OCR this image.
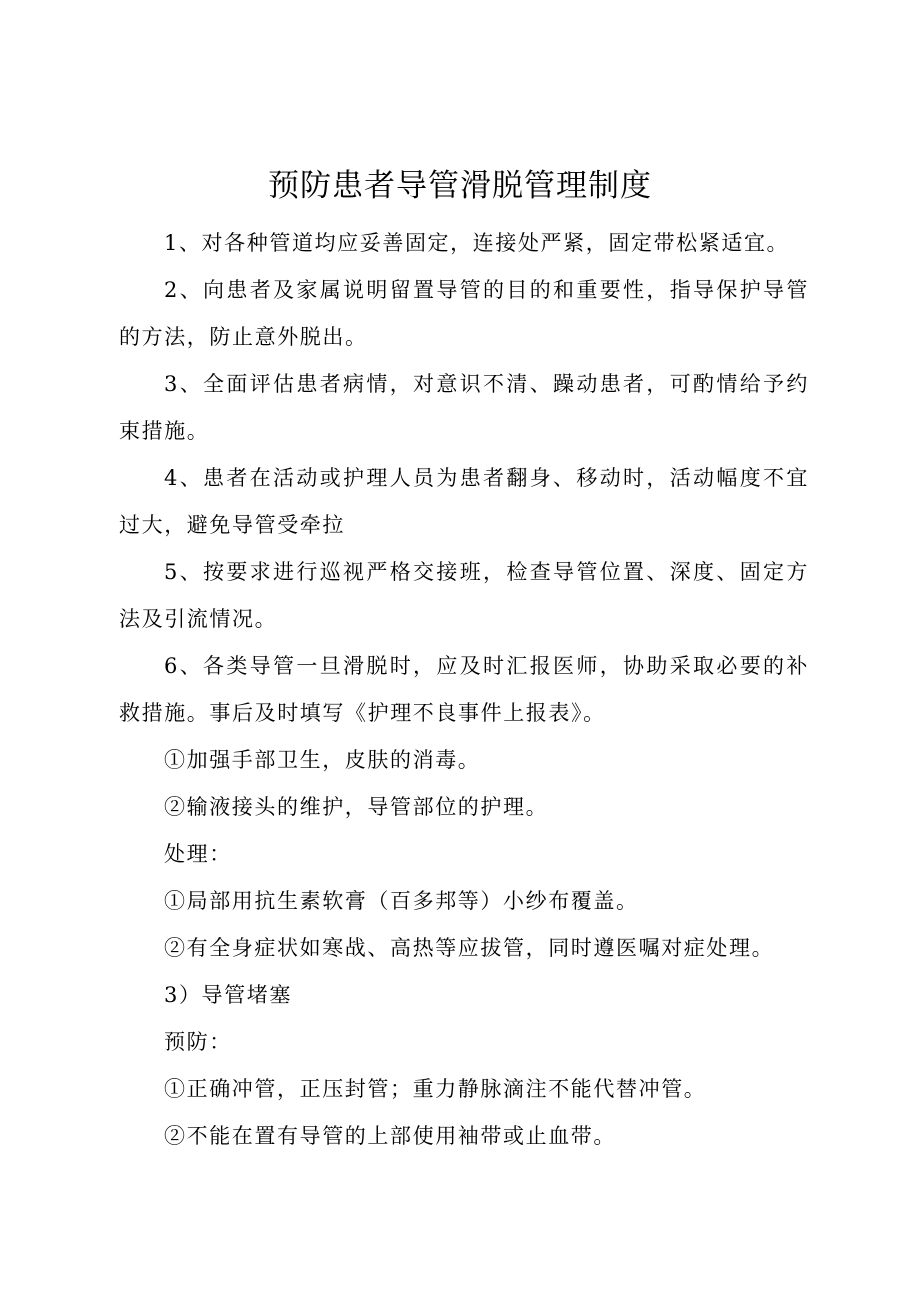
预防患者导管滑脱管理制度

1、对各种管道均应妥善固定，连接处严紧，固定带松紧适宜。

2、向患者及家属说明留置导管的目的和重要性，指导保护导管的方法，防止意外脱出。

3、全面评估患者病情，对意识不清、躁动患者，可酌情给予约束措施。

4、患者在活动或护理人员为患者翻身、移动时，活动幅度不宜过大，避免导管受牵拉

5、按要求进行巡视严格交接班，检查导管位置、深度、固定方法及引流情况。

6、各类导管一旦滑脱时，应及时汇报医师，协助采取必要的补救措施。事后及时填写《护理不良事件上报表》。

①加强手部卫生，皮肤的消毒。

②输液接头的维护，导管部位的护理。

处理：

①局部用抗生素软膏（百多邦等）小纱布覆盖。

②有全身症状如寒战、高热等应拔管，同时遵医嘱对症处理。

3）导管堵塞

预防：

①正确冲管，正压封管；重力静脉滴注不能代替冲管。

②不能在置有导管的上部使用袖带或止血带。
